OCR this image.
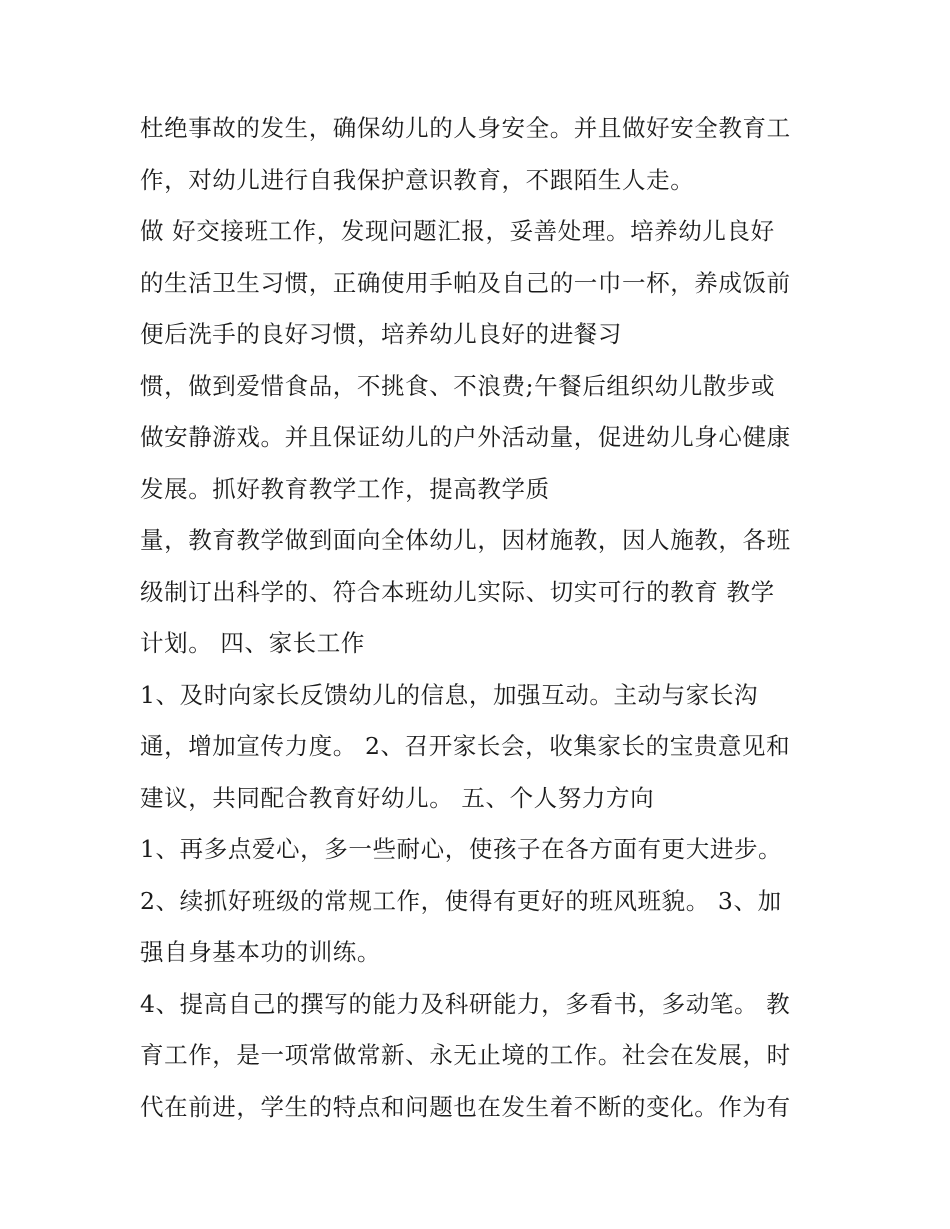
杜绝事故的发生，确保幼儿的人身安全。并且做好安全教育工
作，对幼儿进行自我保护意识教育，不跟陌生人走。
做 好交接班工作，发现问题汇报，妥善处理。培养幼儿良好
的生活卫生习惯，正确使用手帕及自己的一巾一杯，养成饭前
便后洗手的良好习惯，培养幼儿良好的进餐习
惯，做到爱惜食品，不挑食、不浪费;午餐后组织幼儿散步或
做安静游戏。并且保证幼儿的户外活动量，促进幼儿身心健康
发展。抓好教育教学工作，提高教学质
量，教育教学做到面向全体幼儿，因材施教，因人施教，各班
级制订出科学的、符合本班幼儿实际、切实可行的教育 教学
计划。 四、家长工作
1、及时向家长反馈幼儿的信息，加强互动。主动与家长沟
通，增加宣传力度。 2、召开家长会，收集家长的宝贵意见和
建议，共同配合教育好幼儿。 五、个人努力方向
1、再多点爱心，多一些耐心，使孩子在各方面有更大进步。
2、续抓好班级的常规工作，使得有更好的班风班貌。 3、加
强自身基本功的训练。
4、提高自己的撰写的能力及科研能力，多看书，多动笔。 教
育工作，是一项常做常新、永无止境的工作。社会在发展，时
代在前进，学生的特点和问题也在发生着不断的变化。作为有
